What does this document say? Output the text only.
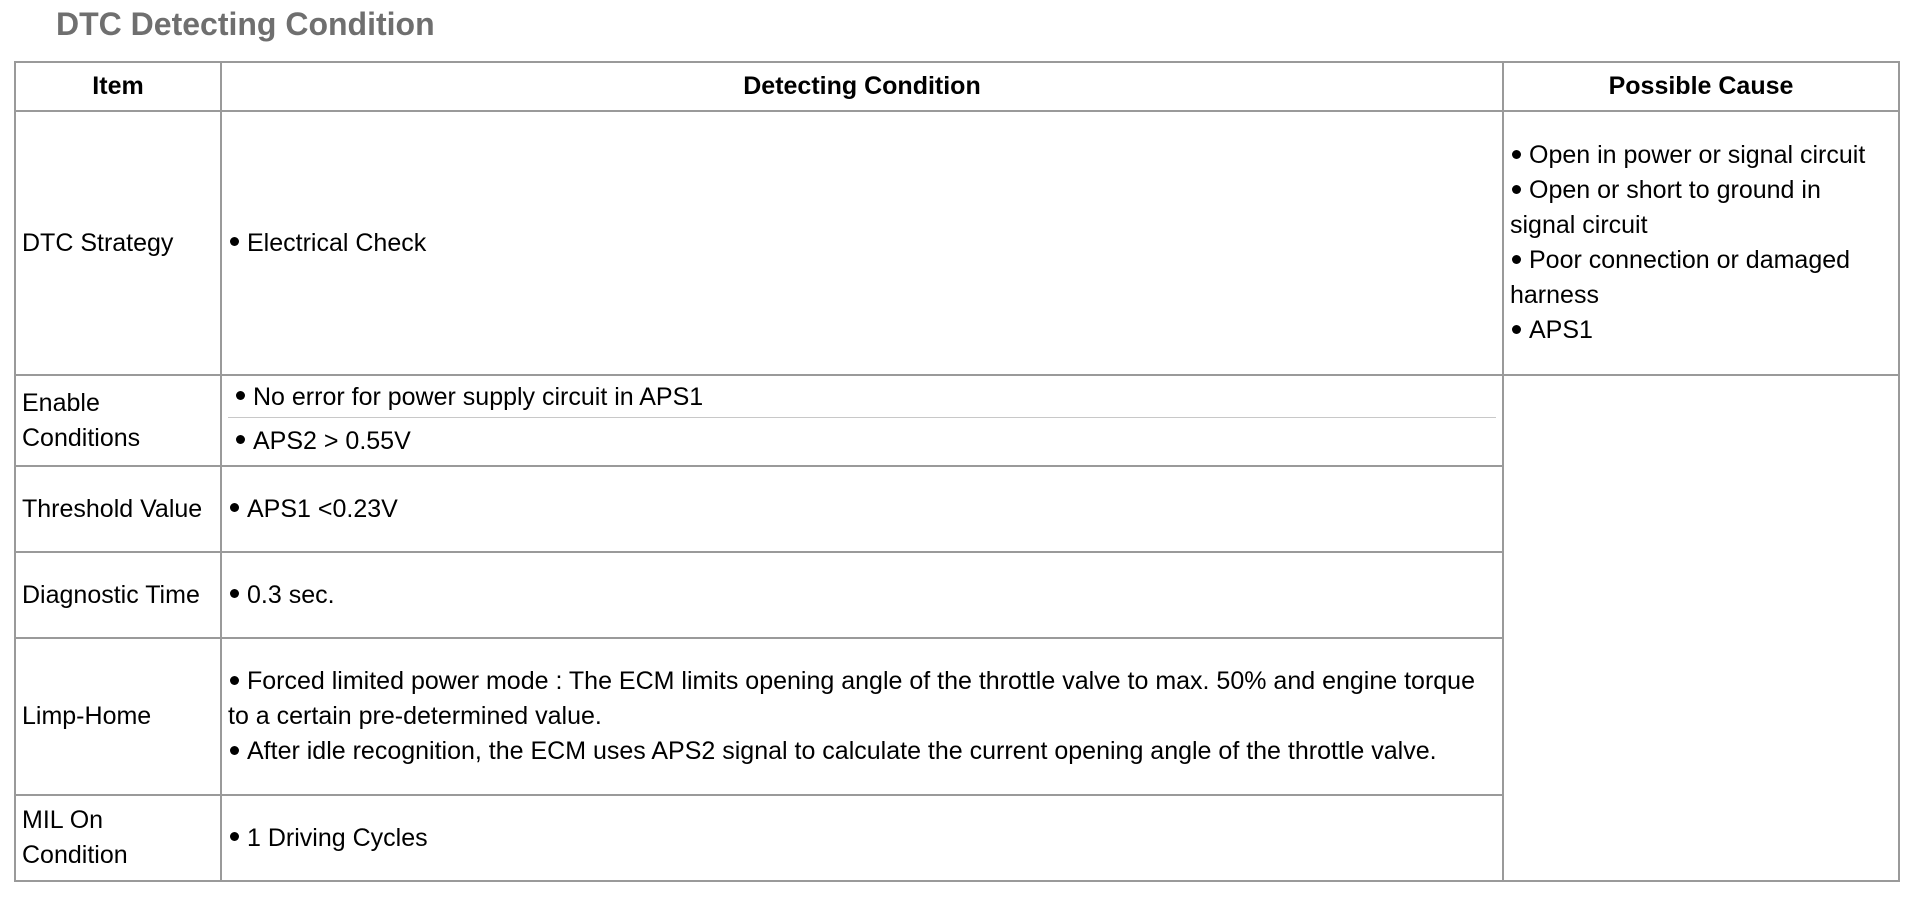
DTC Detecting Condition
Item	Detecting Condition	Possible Cause
DTC Strategy	Electrical Check	Open in power or signal circuit
Open or short to ground in signal circuit
Poor connection or damaged harness
APS1

Enable Conditions	No error for power supply circuit in APS1
APS2 > 0.55V	

Threshold Value	APS1 <0.23V	

Diagnostic Time	0.3 sec.	

Limp-Home	Forced limited power mode : The ECM limits opening angle of the throttle valve to max. 50% and engine torque to a certain pre-determined value.
After idle recognition, the ECM uses APS2 signal to calculate the current opening angle of the throttle valve.	

MIL On Condition	1 Driving Cycles	
